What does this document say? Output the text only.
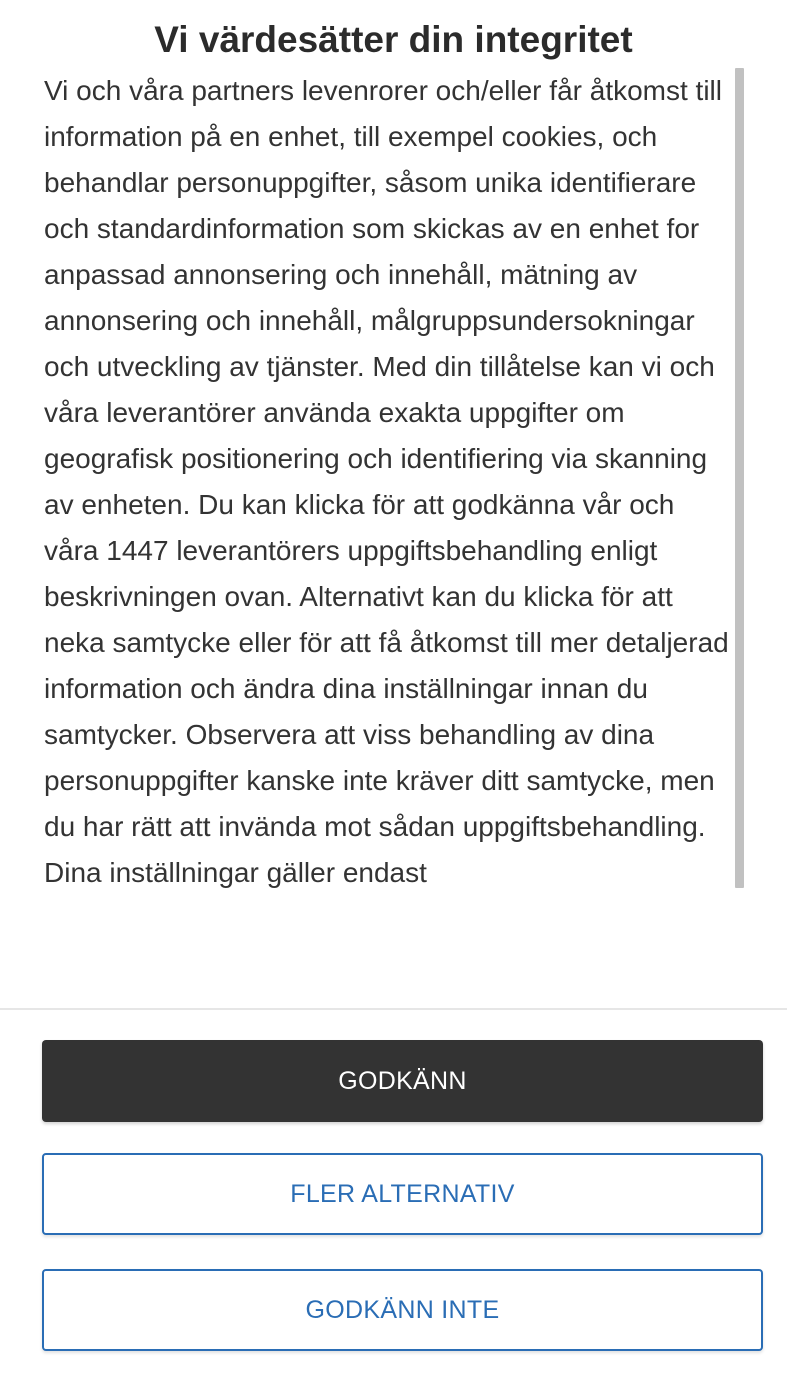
Vi värdesätter din integritet

Vi och våra partners levenrorer och/eller får åtkomst till information på en enhet, till exempel cookies, och behandlar personuppgifter, såsom unika identifierare och standardinformation som skickas av en enhet for anpassad annonsering och innehåll, mätning av annonsering och innehåll, målgruppsundersokningar och utveckling av tjänster. Med din tillåtelse kan vi och våra leverantörer använda exakta uppgifter om geografisk positionering och identifiering via skanning av enheten. Du kan klicka för att godkänna vår och våra 1447 leverantörers uppgiftsbehandling enligt beskrivningen ovan. Alternativt kan du klicka för att neka samtycke eller för att få åtkomst till mer detaljerad information och ändra dina inställningar innan du samtycker. Observera att viss behandling av dina personuppgifter kanske inte kräver ditt samtycke, men du har rätt att invända mot sådan uppgiftsbehandling. Dina inställningar gäller endast

GODKÄNN
FLER ALTERNATIV
GODKÄNN INTE
